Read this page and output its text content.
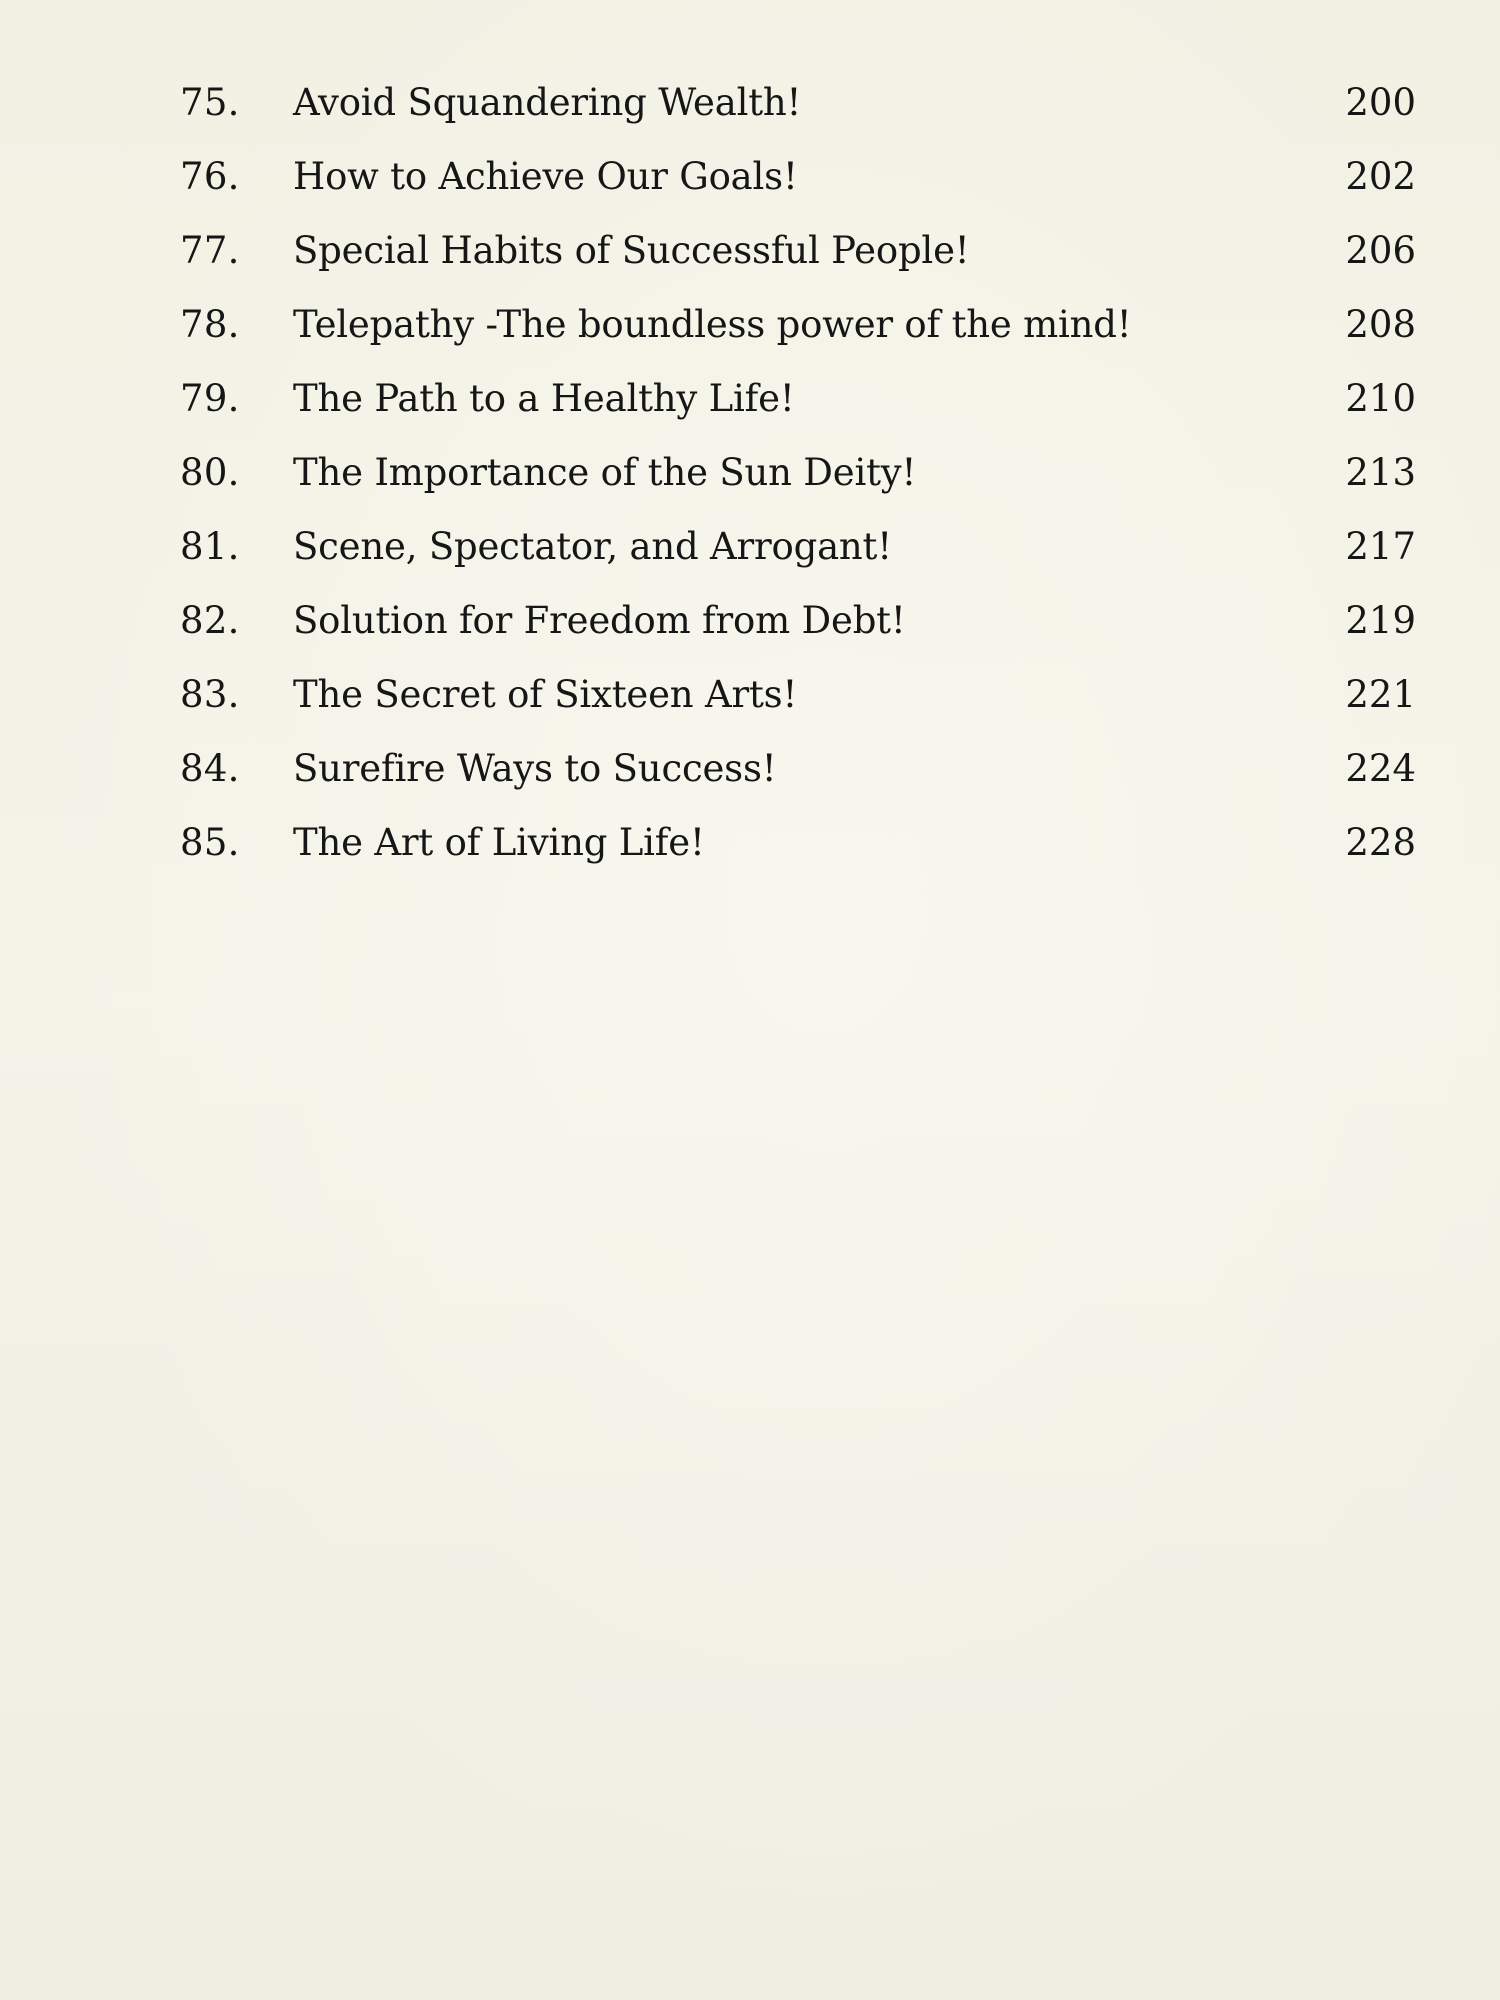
75. Avoid Squandering Wealth!	200
76. How to Achieve Our Goals!	202
77. Special Habits of Successful People!	206
78. Telepathy -The boundless power of the mind!	208
79. The Path to a Healthy Life!	210
80. The Importance of the Sun Deity!	213
81. Scene, Spectator, and Arrogant!	217
82. Solution for Freedom from Debt!	219
83. The Secret of Sixteen Arts!	221
84. Surefire Ways to Success!	224
85. The Art of Living Life!	228
